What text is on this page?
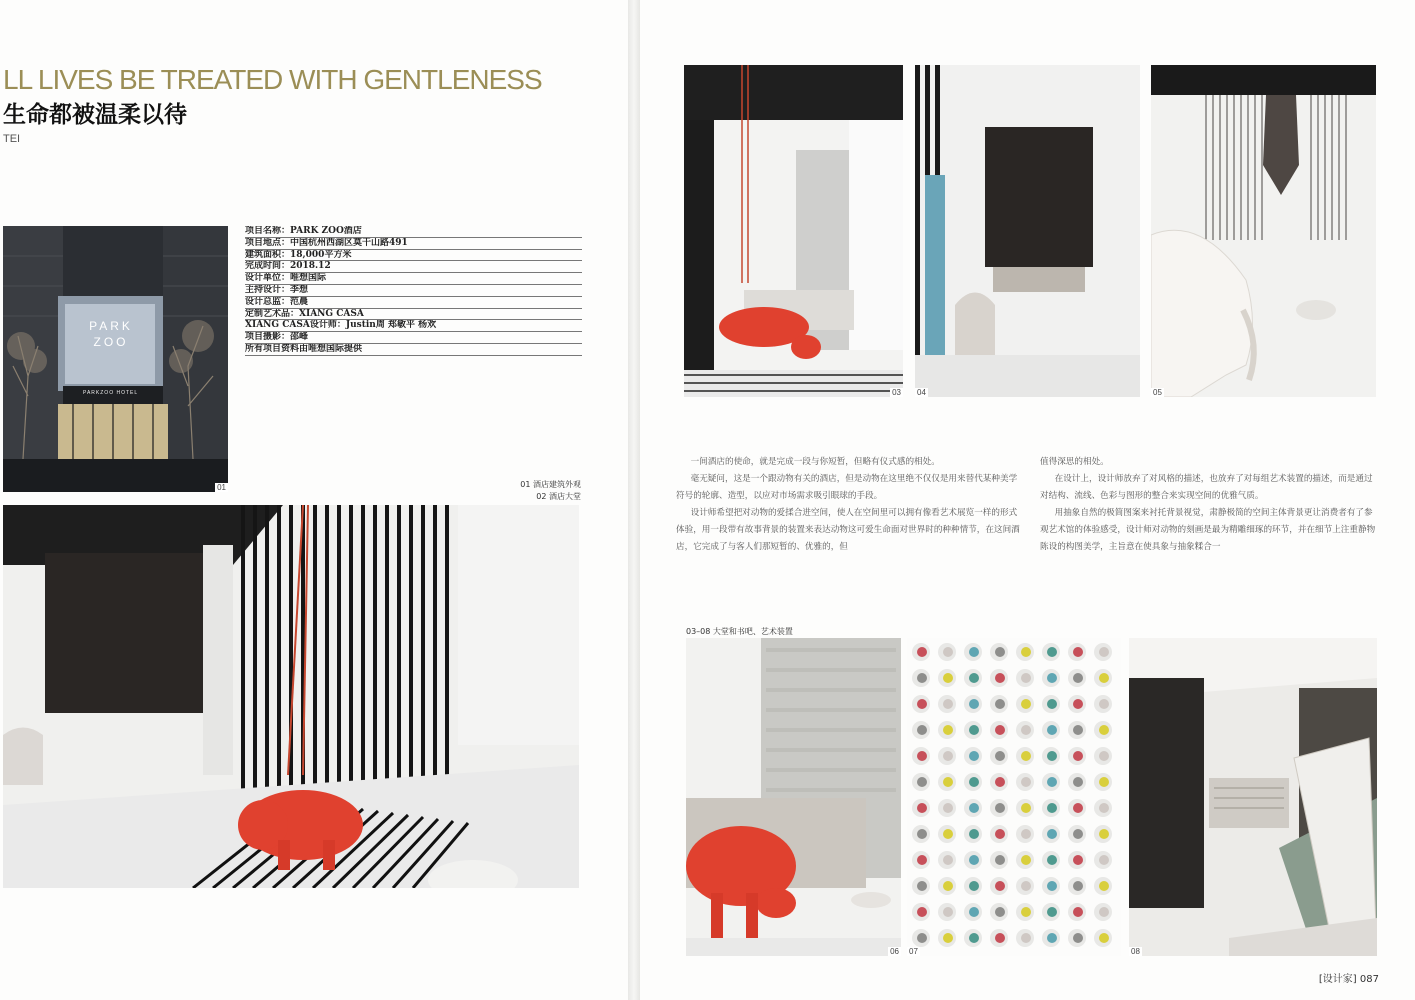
LL LIVES BE TREATED WITH GENTLENESS
生命都被温柔以待
TEI
PARK
ZOO
PARKZOO HOTEL
01
项目名称：PARK ZOO酒店
项目地点：中国杭州西湖区莫干山路491
建筑面积：18,000平方米
完成时间：2018.12
设计单位：唯想国际
主持设计：李想
设计总监：范晨
定制艺术品：XIANG CASA
XIANG CASA设计师：Justin周 郑敏平 杨欢
项目摄影：邵峰
所有项目资料由唯想国际提供
01 酒店建筑外观
02 酒店大堂
03 04	05

一间酒店的使命，就是完成一段与你短暂，但略有仪式感的相处。

毫无疑问，这是一个跟动物有关的酒店，但是动物在这里绝不仅仅是用来替代某种美学符号的轮廓、造型，以应对市场需求吸引眼球的手段。

设计师希望把对动物的爱揉合进空间，使人在空间里可以拥有像看艺术展览一样的形式体验，用一段带有故事背景的装置来表达动物这可爱生命面对世界时的种种情节，在这间酒店，它完成了与客人们那短暂的、优雅的，但

值得深思的相处。

在设计上，设计师放弃了对风格的描述，也放弃了对每组艺术装置的描述，而是通过对结构、流线、色彩与图形的整合来实现空间的优雅气质。

用抽象自然的极简图案来衬托背景视觉，肃静极简的空间主体背景更让消费者有了参观艺术馆的体验感受，设计师对动物的刻画是最为精雕细琢的环节，并在细节上注重静物陈设的构图美学，主旨意在使具象与抽象糅合一

03–08 大堂和书吧、艺术装置
06 07	08
[设计家] 087
